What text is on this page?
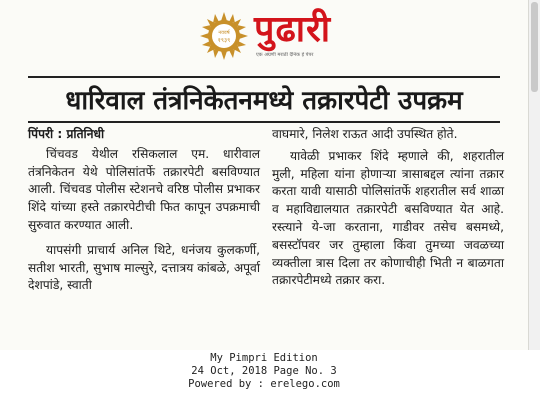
नववर्ष
१९३९ पुढारी
एक अग्रणी मराठी दैनिक ई पेपर
धारिवाल तंत्रनिकेतनमध्ये तक्रारपेटी उपक्रम
पिंपरी : प्रतिनिधी

चिंचवड येथील रसिकलाल एम. धारीवाल तंत्रनिकेतन येथे पोलिसांतर्फे तक्रारपेटी बसविण्यात आली. चिंचवड पोलीस स्टेशनचे वरिष्ठ पोलीस प्रभाकर शिंदे यांच्या हस्ते तक्रारपेटीची फित कापून उपक्रमाची सुरुवात करण्यात आली.

यापसंगी प्राचार्य अनिल थिटे, धनंजय कुलकर्णी, सतीश भारती, सुभाष माल्सुरे, दत्तात्रय कांबळे, अपूर्वा देशपांडे, स्वाती

वाघमारे, निलेश राऊत आदी उपस्थित होते.

यावेळी प्रभाकर शिंदे म्हणाले की, शहरातील मुली, महिला यांना होणाऱ्या त्रासाबद्दल त्यांना तक्रार करता यावी यासाठी पोलिसांतर्फे शहरातील सर्व शाळा व महाविद्यालयात तक्रारपेटी बसविण्यात येत आहे. रस्त्याने ये-जा करताना, गाडीवर तसेच बसमध्ये, बसस्टॉपवर जर तुम्हाला किंवा तुमच्या जवळच्या व्यक्तीला त्रास दिला तर कोणाचीही भिती न बाळगता तक्रारपेटीमध्ये तक्रार करा.

My Pimpri Edition
24 Oct, 2018 Page No. 3
Powered by : erelego.com
